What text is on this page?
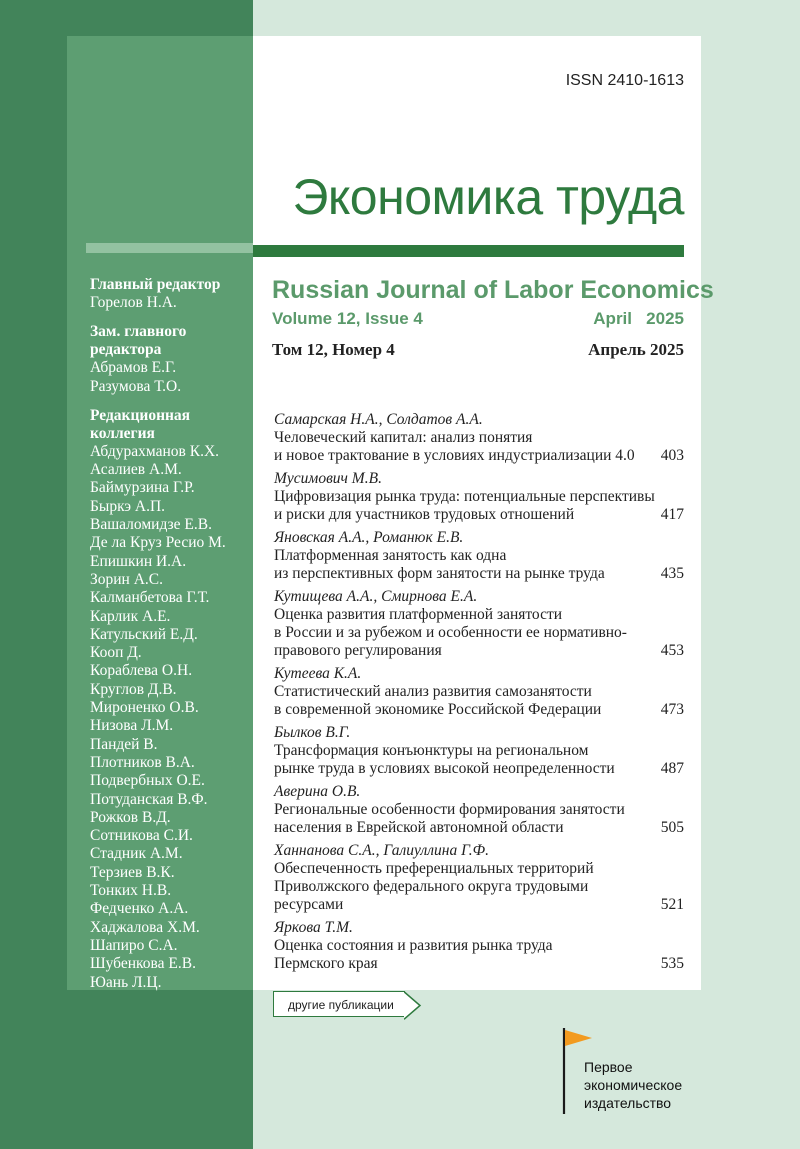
ISSN 2410-1613
Экономика труда
Russian Journal of Labor Economics
Volume 12, Issue 4	April   2025
Том 12, Номер 4	Апрель 2025
Главный редактор
Горелов Н.А.
Зам. главного
редактора
Абрамов Е.Г.
Разумова Т.О.
Редакционная
коллегия
Абдурахманов К.Х.
Асалиев А.М.
Баймурзина Г.Р.
Быркэ А.П.
Вашаломидзе Е.В.
Де ла Круз Ресио М.
Епишкин И.А.
Зорин А.С.
Калманбетова Г.Т.
Карлик А.Е.
Катульский Е.Д.
Кооп Д.
Кораблева О.Н.
Круглов Д.В.
Мироненко О.В.
Низова Л.М.
Пандей В.
Плотников В.А.
Подвербных О.Е.
Потуданская В.Ф.
Рожков В.Д.
Сотникова С.И.
Стадник А.М.
Терзиев В.К.
Тонких Н.В.
Федченко А.А.
Хаджалова Х.М.
Шапиро С.А.
Шубенкова Е.В.
Юань Л.Ц.
Самарская Н.А., Солдатов А.А.
Человеческий капитал: анализ понятия
и новое трактование в условиях индустриализации 4.0 403
Мусимович М.В.
Цифровизация рынка труда: потенциальные перспективы
и риски для участников трудовых отношений	417
Яновская А.А., Романюк Е.В.
Платформенная занятость как одна
из перспективных форм занятости на рынке труда	435
Кутищева А.А., Смирнова Е.А.
Оценка развития платформенной занятости
в России и за рубежом и особенности ее нормативно-
правового регулирования	453
Кутеева К.А.
Статистический анализ развития самозанятости
в современной экономике Российской Федерации	473
Былков В.Г.
Трансформация конъюнктуры на региональном
рынке труда в условиях высокой неопределенности	487
Аверина О.В.
Региональные особенности формирования занятости
населения в Еврейской автономной области	505
Ханнанова С.А., Галиуллина Г.Ф.
Обеспеченность преференциальных территорий
Приволжского федерального округа трудовыми
ресурсами	521
Яркова Т.М.
Оценка состояния и развития рынка труда
Пермского края	535
другие публикации
Первое
экономическое
издательство
